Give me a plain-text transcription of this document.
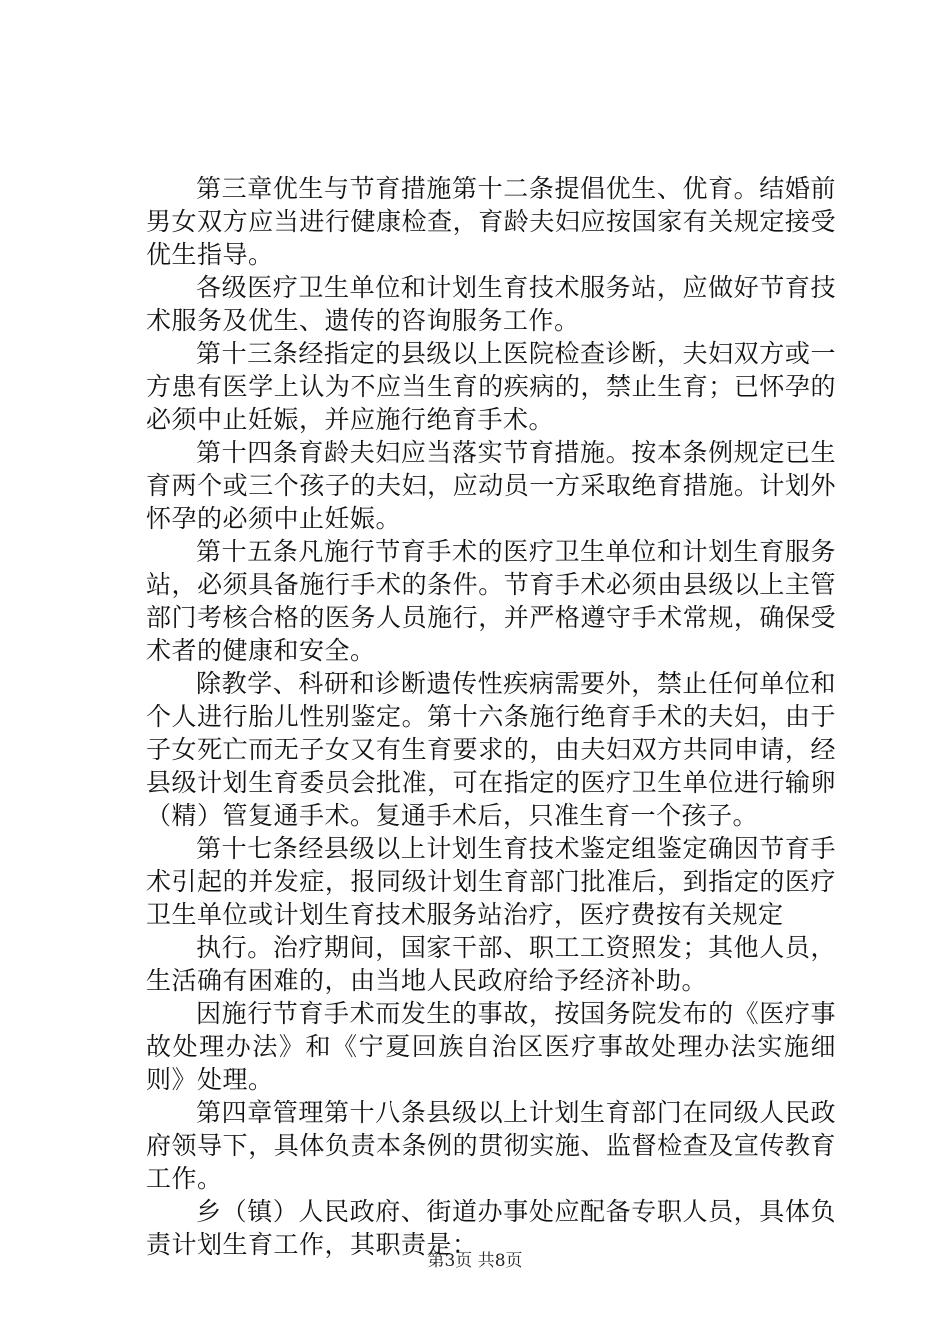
第三章优生与节育措施第十二条提倡优生、优育。结婚前男女双方应当进行健康检查，育龄夫妇应按国家有关规定接受优生指导。

各级医疗卫生单位和计划生育技术服务站，应做好节育技术服务及优生、遗传的咨询服务工作。

第十三条经指定的县级以上医院检查诊断，夫妇双方或一方患有医学上认为不应当生育的疾病的，禁止生育；已怀孕的必须中止妊娠，并应施行绝育手术。

第十四条育龄夫妇应当落实节育措施。按本条例规定已生育两个或三个孩子的夫妇，应动员一方采取绝育措施。计划外怀孕的必须中止妊娠。

第十五条凡施行节育手术的医疗卫生单位和计划生育服务站，必须具备施行手术的条件。节育手术必须由县级以上主管部门考核合格的医务人员施行，并严格遵守手术常规，确保受术者的健康和安全。

除教学、科研和诊断遗传性疾病需要外，禁止任何单位和个人进行胎儿性别鉴定。第十六条施行绝育手术的夫妇，由于子女死亡而无子女又有生育要求的，由夫妇双方共同申请，经县级计划生育委员会批准，可在指定的医疗卫生单位进行输卵（精）管复通手术。复通手术后，只准生育一个孩子。

第十七条经县级以上计划生育技术鉴定组鉴定确因节育手术引起的并发症，报同级计划生育部门批准后，到指定的医疗卫生单位或计划生育技术服务站治疗，医疗费按有关规定

执行。治疗期间，国家干部、职工工资照发；其他人员，生活确有困难的，由当地人民政府给予经济补助。

因施行节育手术而发生的事故，按国务院发布的《医疗事故处理办法》和《宁夏回族自治区医疗事故处理办法实施细则》处理。

第四章管理第十八条县级以上计划生育部门在同级人民政府领导下，具体负责本条例的贯彻实施、监督检查及宣传教育工作。

乡（镇）人民政府、街道办事处应配备专职人员，具体负责计划生育工作，其职责是：

第3页 共8页
